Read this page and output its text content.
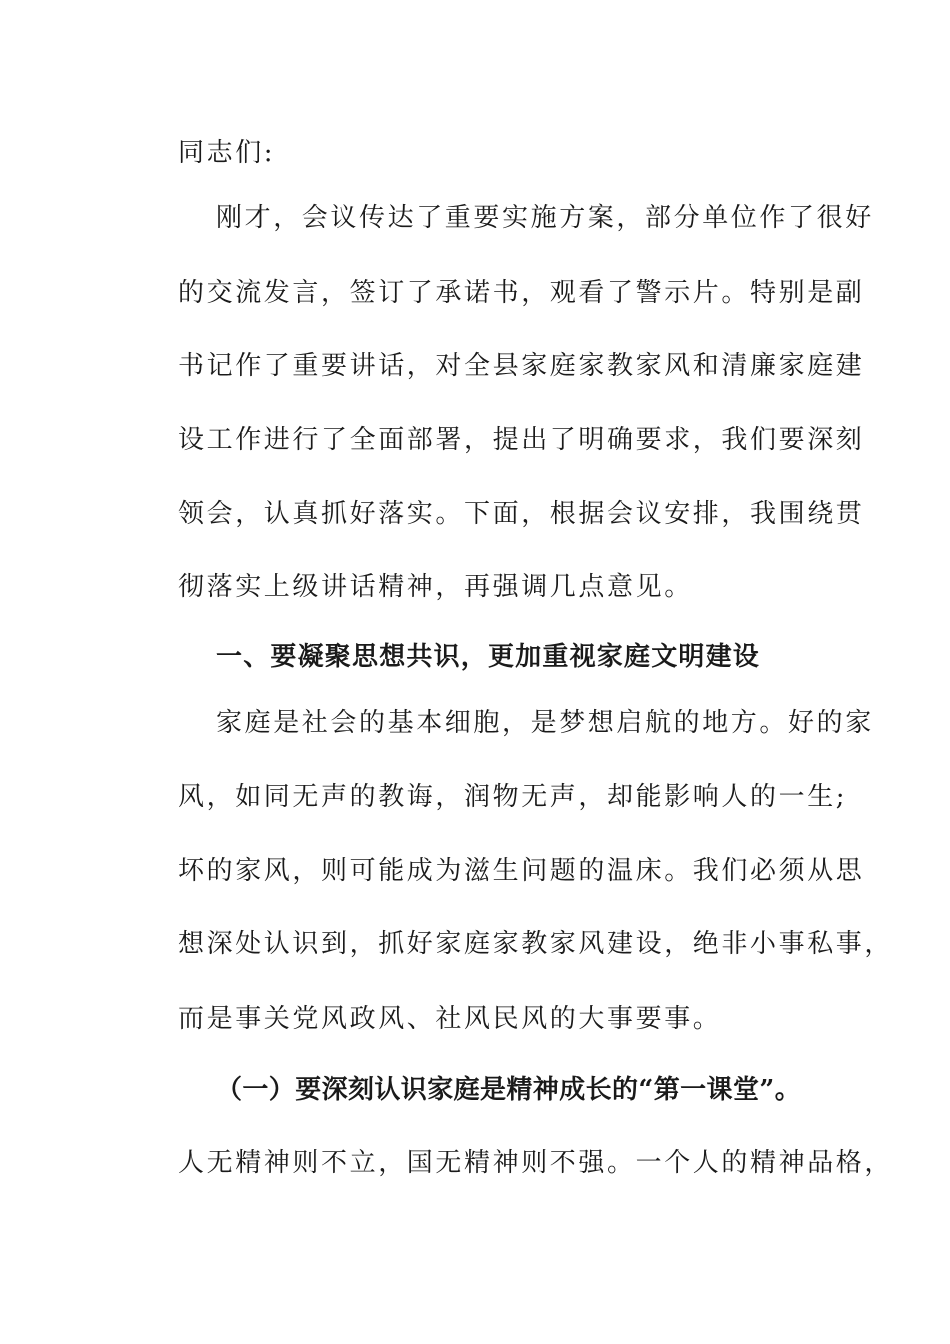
同志们:
刚才，会议传达了重要实施方案，部分单位作了很好
的交流发言，签订了承诺书，观看了警示片。特别是副
书记作了重要讲话，对全县家庭家教家风和清廉家庭建
设工作进行了全面部署，提出了明确要求，我们要深刻
领会，认真抓好落实。下面，根据会议安排，我围绕贯
彻落实上级讲话精神，再强调几点意见。
一、要凝聚思想共识，更加重视家庭文明建设
家庭是社会的基本细胞，是梦想启航的地方。好的家
风，如同无声的教诲，润物无声，却能影响人的一生;
坏的家风，则可能成为滋生问题的温床。我们必须从思
想深处认识到，抓好家庭家教家风建设，绝非小事私事，
而是事关党风政风、社风民风的大事要事。
（一）要深刻认识家庭是精神成长的“第一课堂”。
人无精神则不立，国无精神则不强。一个人的精神品格，
